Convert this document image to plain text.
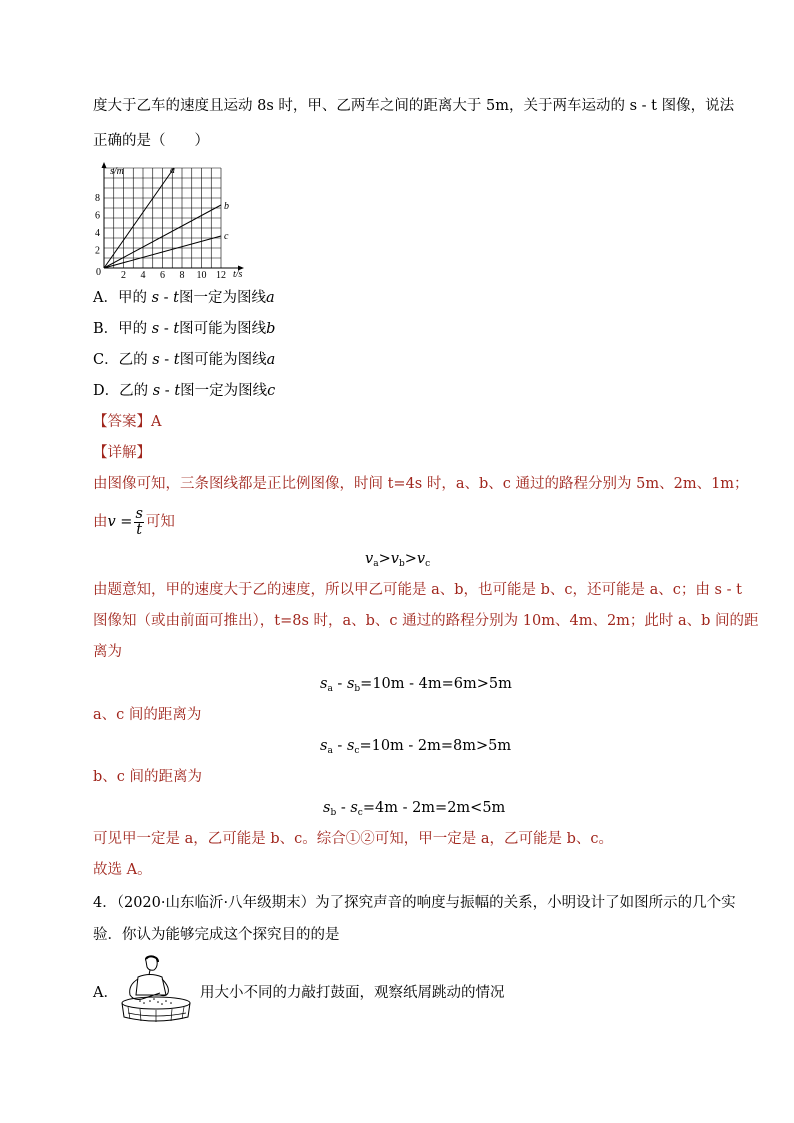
度大于乙车的速度且运动 8s 时，甲、乙两车之间的距离大于 5m，关于两车运动的 s - t 图像，说法
正确的是（　　）
s/m
t/s
0 2 4 6 8 10 12
2
4
6
8
a
b
c
A．甲的 s - t图一定为图线a
B．甲的 s - t图可能为图线b
C．乙的 s - t图可能为图线a
D．乙的 s - t图一定为图线c
【答案】A
【详解】
由图像可知，三条图线都是正比例图像，时间 t=4s 时，a、b、c 通过的路程分别为 5m、2m、1m；
由$v = \frac{s}{t}$ 可知
$v_a>v_b>v_c$
由题意知，甲的速度大于乙的速度，所以甲乙可能是 a、b，也可能是 b、c，还可能是 a、c；由 s - t
图像知（或由前面可推出），t=8s 时，a、b、c 通过的路程分别为 10m、4m、2m；此时 a、b 间的距
离为
$s_a - s_b=10m - 4m=6m>5m$
a、c 间的距离为
$s_a - s_c=10m - 2m=8m>5m$
b、c 间的距离为
$s_b - s_c=4m - 2m=2m<5m$
可见甲一定是 a，乙可能是 b、c。综合①②可知，甲一定是 a，乙可能是 b、c。
故选 A。
4．（2020·山东临沂·八年级期末）为了探究声音的响度与振幅的关系，小明设计了如图所示的几个实
验．你认为能够完成这个探究目的的是
A．	用大小不同的力敲打鼓面，观察纸屑跳动的情况
